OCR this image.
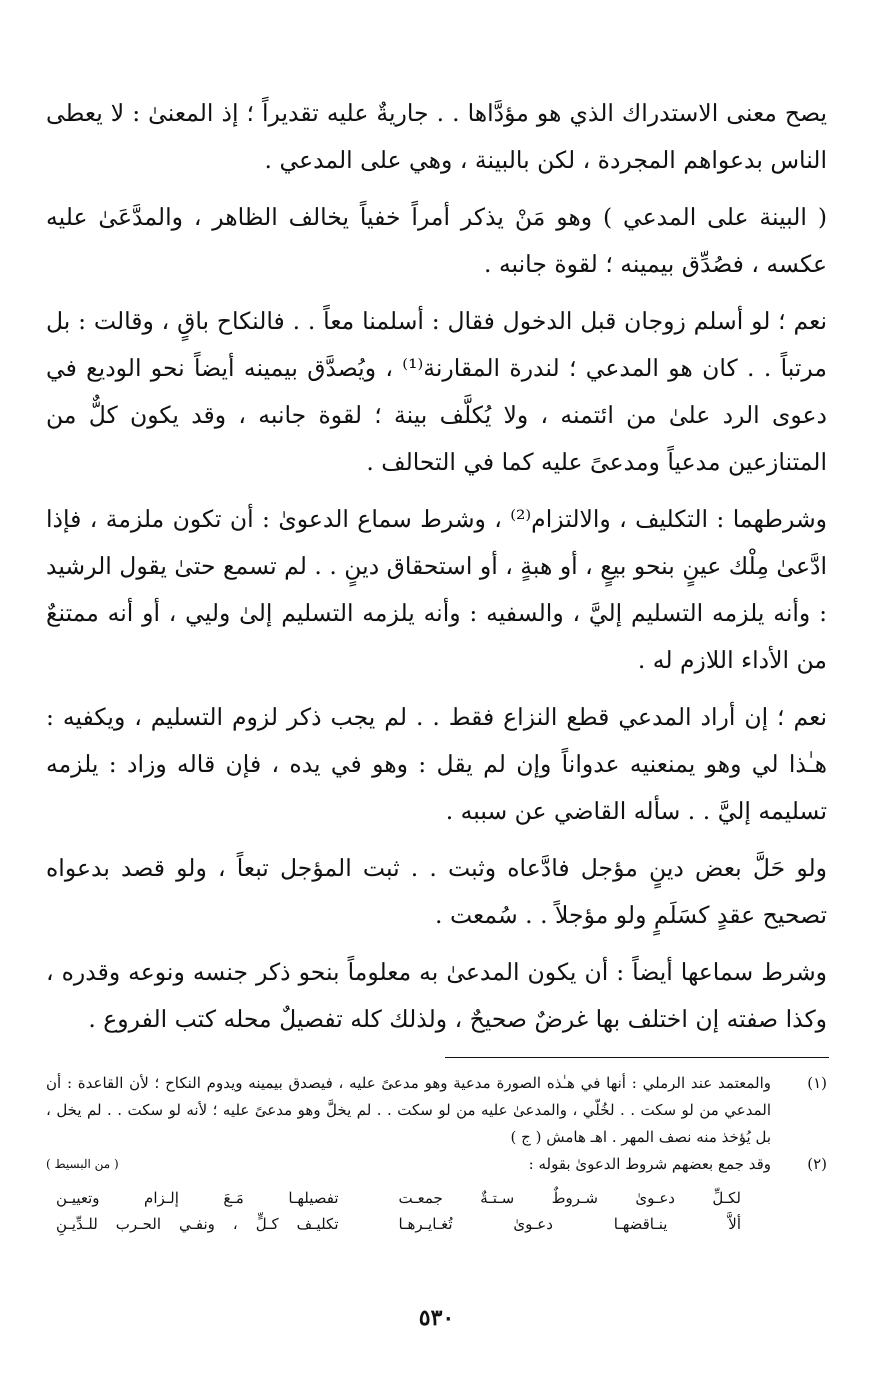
يصح معنى الاستدراك الذي هو مؤدَّاها . . جاريةٌ عليه تقديراً ؛ إذ المعنىٰ : لا يعطى الناس بدعواهم المجردة ، لكن بالبينة ، وهي على المدعي .

( البينة على المدعي ) وهو مَنْ يذكر أمراً خفياً يخالف الظاهر ، والمدَّعَىٰ عليه عكسه ، فصُدِّق بيمينه ؛ لقوة جانبه .

نعم ؛ لو أسلم زوجان قبل الدخول فقال : أسلمنا معاً . . فالنكاح باقٍ ، وقالت : بل مرتباً . . كان هو المدعي ؛ لندرة المقارنة⁽¹⁾ ، ويُصدَّق بيمينه أيضاً نحو الوديع في دعوى الرد علىٰ من ائتمنه ، ولا يُكلَّف بينة ؛ لقوة جانبه ، وقد يكون كلٌّ من المتنازعين مدعياً ومدعىً عليه كما في التحالف .

وشرطهما : التكليف ، والالتزام⁽²⁾ ، وشرط سماع الدعوىٰ : أن تكون ملزمة ، فإذا ادَّعىٰ مِلْك عينٍ بنحو بيعٍ ، أو هبةٍ ، أو استحقاق دينٍ . . لم تسمع حتىٰ يقول الرشيد : وأنه يلزمه التسليم إليَّ ، والسفيه : وأنه يلزمه التسليم إلىٰ وليي ، أو أنه ممتنعٌ من الأداء اللازم له .

نعم ؛ إن أراد المدعي قطع النزاع فقط . . لم يجب ذكر لزوم التسليم ، ويكفيه : هـٰذا لي وهو يمنعنيه عدواناً وإن لم يقل : وهو في يده ، فإن قاله وزاد : يلزمه تسليمه إليَّ . . سأله القاضي عن سببه .

ولو حَلَّ بعض دينٍ مؤجل فادَّعاه وثبت . . ثبت المؤجل تبعاً ، ولو قصد بدعواه تصحيح عقدٍ كسَلَمٍ ولو مؤجلاً . . سُمعت .

وشرط سماعها أيضاً : أن يكون المدعىٰ به معلوماً بنحو ذكر جنسه ونوعه وقدره ، وكذا صفته إن اختلف بها غرضٌ صحيحٌ ، ولذلك كله تفصيلٌ محله كتب الفروع .

(١)
والمعتمد عند الرملي : أنها في هـٰذه الصورة مدعية وهو مدعىً عليه ، فيصدق بيمينه ويدوم النكاح ؛ لأن القاعدة : أن المدعي من لو سكت . . لخُلّي ، والمدعىٰ عليه من لو سكت . . لم يخلَّ وهو مدعىً عليه ؛ لأنه لو سكت . . لم يخل ، بل يُؤخذ منه نصف المهر . اهـ هامش ( ج )
(٢)
وقد جمع بعضهم شروط الدعوىٰ بقوله :
( من البسيط )
لكـلِّ دعـوىٰ شـروطٌ سـتـةٌ جمعـت
تفصيلهـا مَـعَ إلـزام وتعييـن
ألاَّ ينـاقضهـا دعـوىٰ تُغـايـرهـا
تكليـف كـلٍّ ، ونفـي الحـرب للـدِّيـنِ
٥٣٠
